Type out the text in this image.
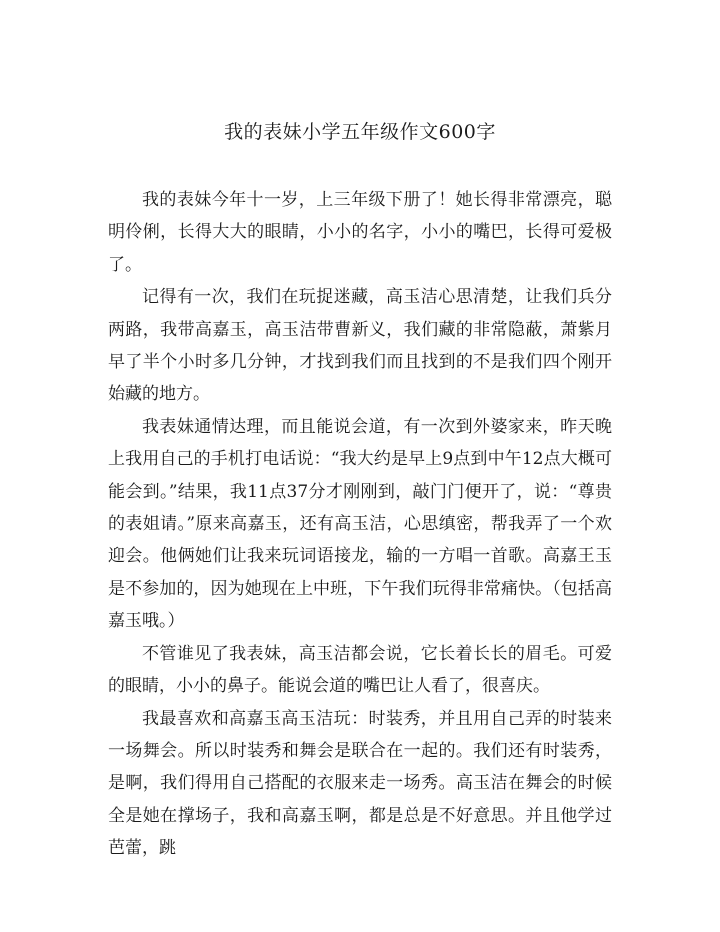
我的表妹小学五年级作文600字

我的表妹今年十一岁，上三年级下册了！她长得非常漂亮，聪明伶俐，长得大大的眼睛，小小的名字，小小的嘴巴，长得可爱极了。

记得有一次，我们在玩捉迷藏，高玉洁心思清楚，让我们兵分两路，我带高嘉玉，高玉洁带曹新义，我们藏的非常隐蔽，萧紫月早了半个小时多几分钟，才找到我们而且找到的不是我们四个刚开始藏的地方。

我表妹通情达理，而且能说会道，有一次到外婆家来，昨天晚上我用自己的手机打电话说：“我大约是早上9点到中午12点大概可能会到。”结果，我11点37分才刚刚到，敲门门便开了，说：“尊贵的表姐请。”原来高嘉玉，还有高玉洁，心思缜密，帮我弄了一个欢迎会。他俩她们让我来玩词语接龙，输的一方唱一首歌。高嘉王玉是不参加的，因为她现在上中班，下午我们玩得非常痛快。（包括高嘉玉哦。）

不管谁见了我表妹，高玉洁都会说，它长着长长的眉毛。可爱的眼睛，小小的鼻子。能说会道的嘴巴让人看了，很喜庆。

我最喜欢和高嘉玉高玉洁玩：时装秀，并且用自己弄的时装来一场舞会。所以时装秀和舞会是联合在一起的。我们还有时装秀，是啊，我们得用自己搭配的衣服来走一场秀。高玉洁在舞会的时候全是她在撑场子，我和高嘉玉啊，都是总是不好意思。并且他学过芭蕾，跳
